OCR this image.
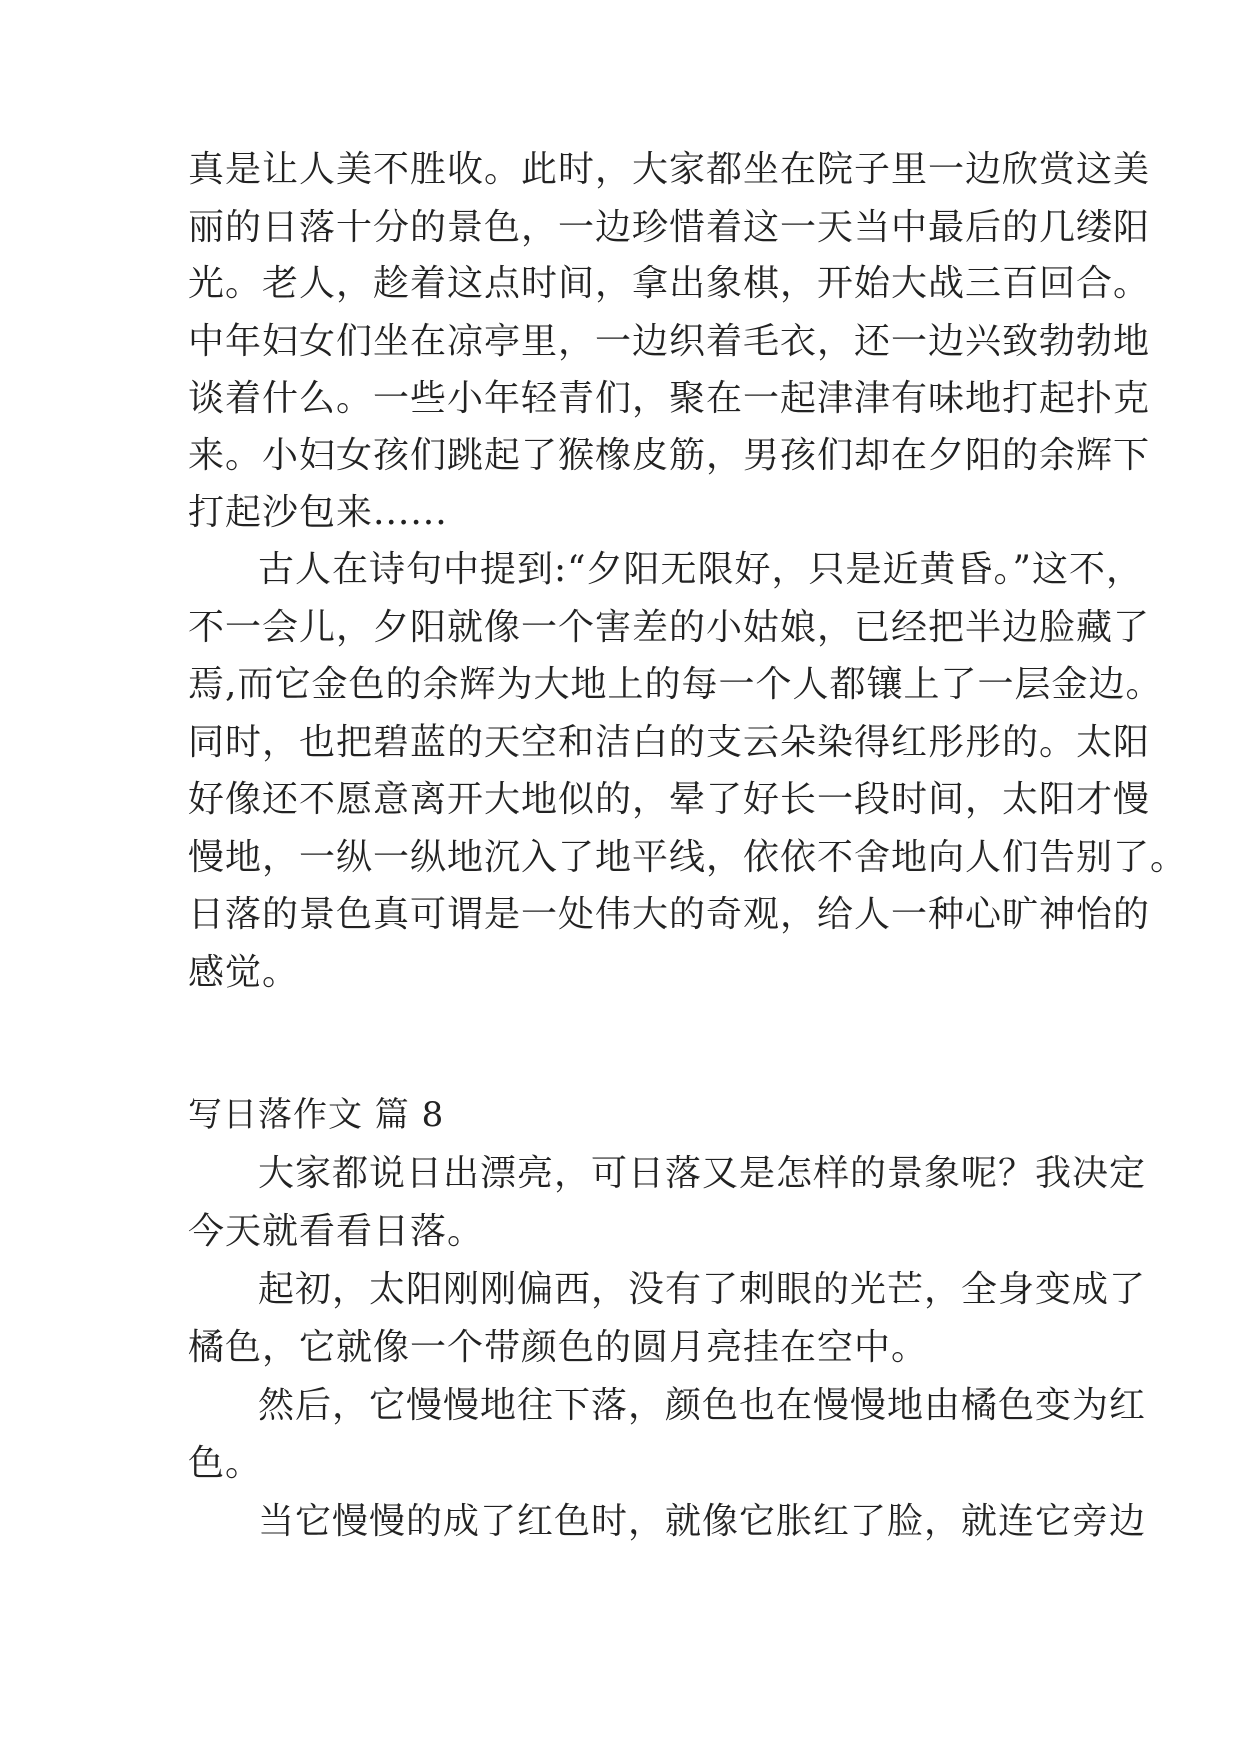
真是让人美不胜收。此时，大家都坐在院子里一边欣赏这美
丽的日落十分的景色，一边珍惜着这一天当中最后的几缕阳
光。老人，趁着这点时间，拿出象棋，开始大战三百回合。
中年妇女们坐在凉亭里，一边织着毛衣，还一边兴致勃勃地
谈着什么。一些小年轻青们，聚在一起津津有味地打起扑克
来。小妇女孩们跳起了猴橡皮筋，男孩们却在夕阳的余辉下
打起沙包来......
古人在诗句中提到:“夕阳无限好，只是近黄昏。”这不，
不一会儿，夕阳就像一个害差的小姑娘，已经把半边脸藏了
焉,而它金色的余辉为大地上的每一个人都镶上了一层金边。
同时，也把碧蓝的天空和洁白的支云朵染得红彤彤的。太阳
好像还不愿意离开大地似的，晕了好长一段时间，太阳才慢
慢地，一纵一纵地沉入了地平线，依依不舍地向人们告别了。
日落的景色真可谓是一处伟大的奇观，给人一种心旷神怡的
感觉。
写日落作文 篇 8
大家都说日出漂亮，可日落又是怎样的景象呢？我决定
今天就看看日落。
起初，太阳刚刚偏西，没有了刺眼的光芒，全身变成了
橘色，它就像一个带颜色的圆月亮挂在空中。
然后，它慢慢地往下落，颜色也在慢慢地由橘色变为红
色。
当它慢慢的成了红色时，就像它胀红了脸，就连它旁边
